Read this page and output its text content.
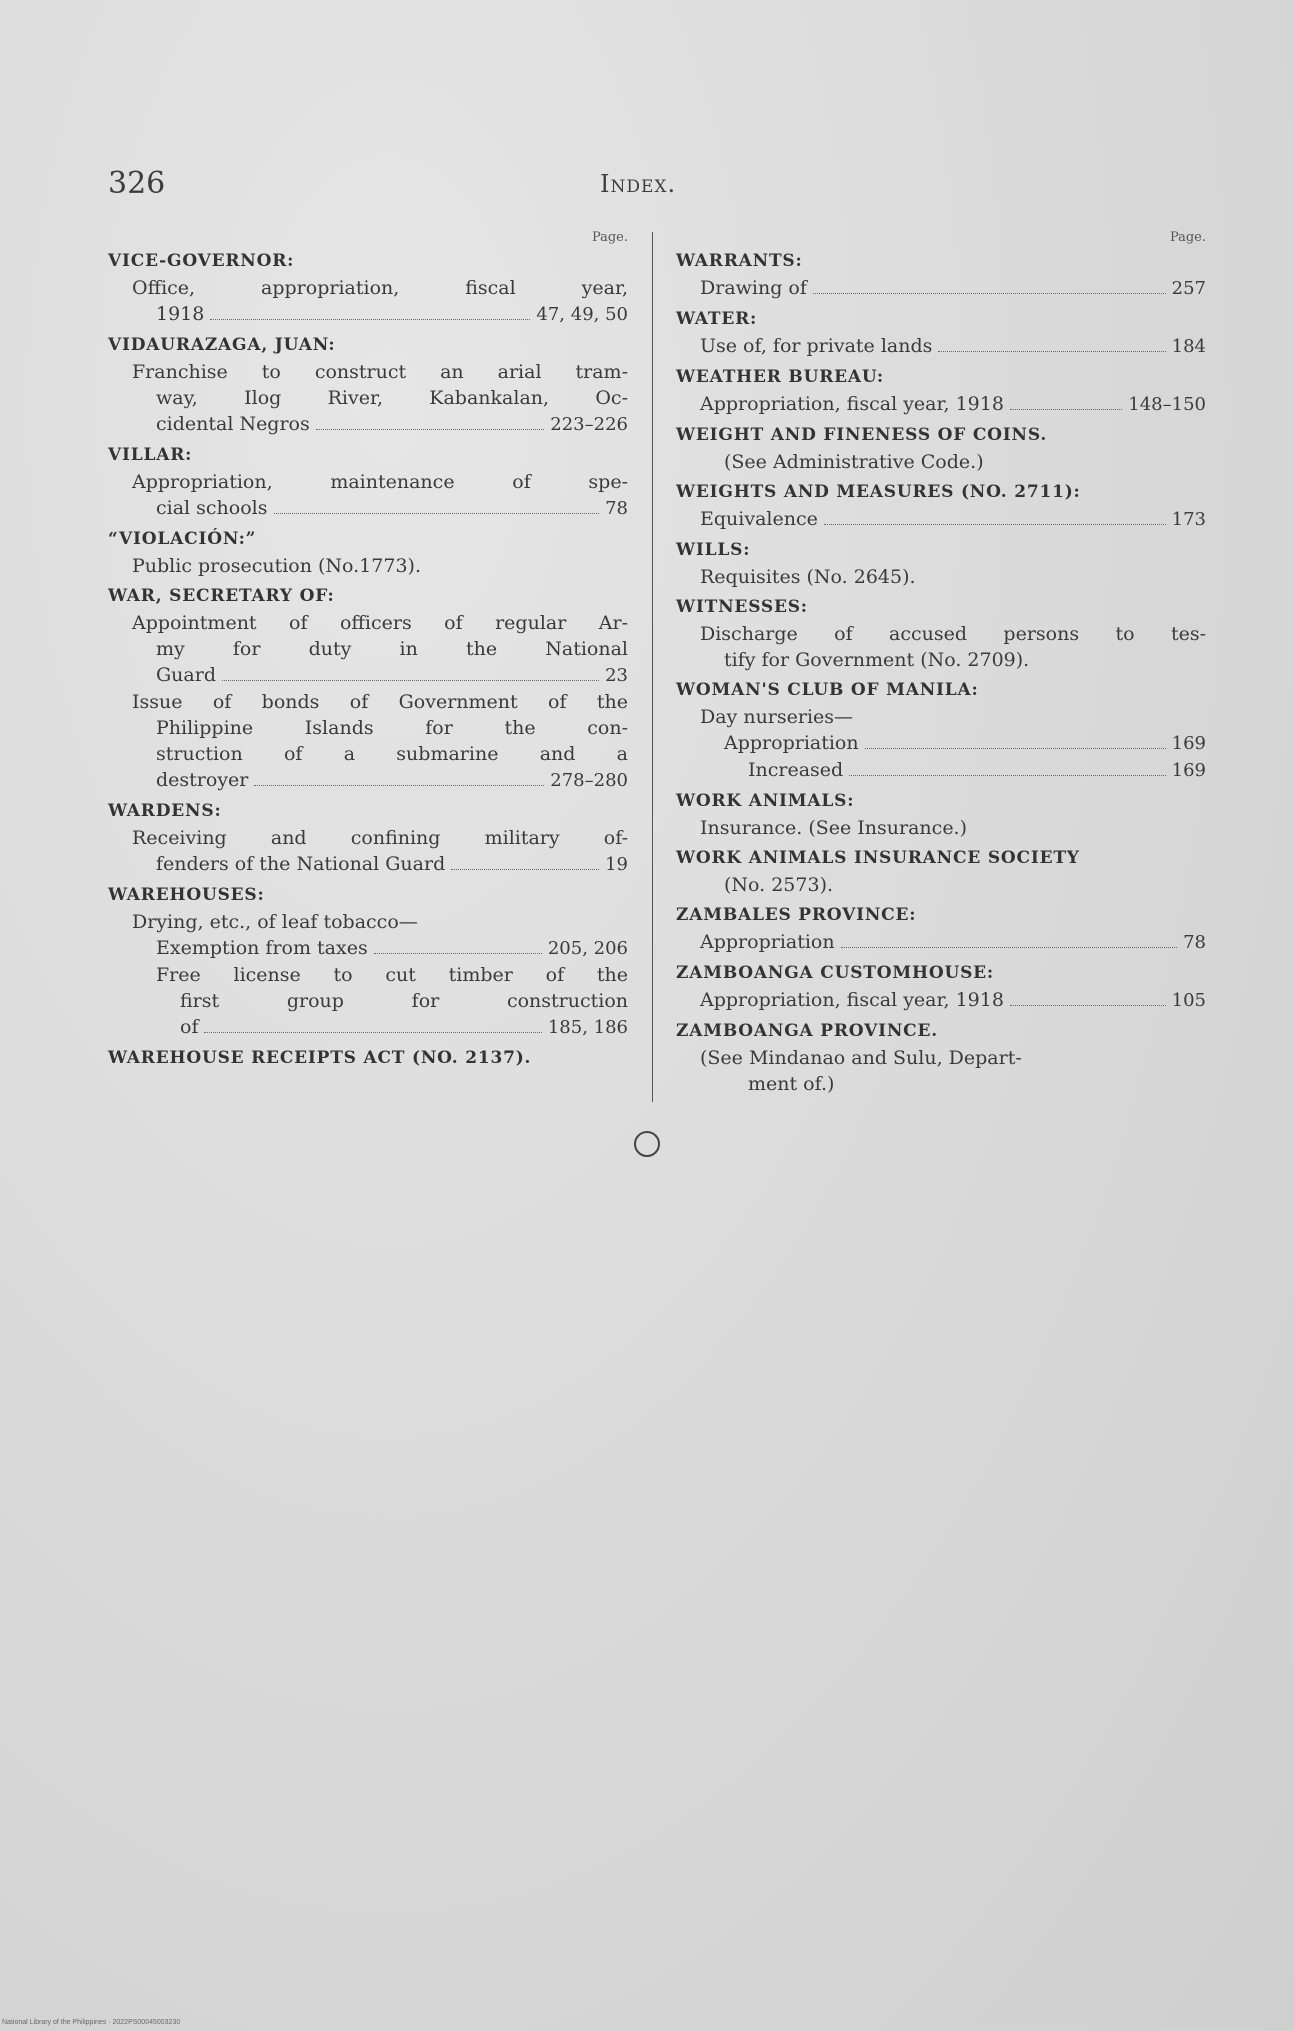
326	Index.
Page.
VICE-GOVERNOR:
Office, appropriation, fiscal year,
1918	47, 49, 50
VIDAURAZAGA, JUAN:
Franchise to construct an arial tram-
way, Ilog River, Kabankalan, Oc-
cidental Negros	223–226
VILLAR:
Appropriation, maintenance of spe-
cial schools	78
“VIOLACIÓN:”
Public prosecution (No.1773).
WAR, SECRETARY OF:
Appointment of officers of regular Ar-
my for duty in the National
Guard	23
Issue of bonds of Government of the
Philippine Islands for the con-
struction of a submarine and a
destroyer	278–280
WARDENS:
Receiving and confining military of-
fenders of the National Guard	19
WAREHOUSES:
Drying, etc., of leaf tobacco—
Exemption from taxes	205, 206
Free license to cut timber of the
first group for construction
of	185, 186
WAREHOUSE RECEIPTS ACT (NO. 2137).
Page.
WARRANTS:
Drawing of	257
WATER:
Use of, for private lands	184
WEATHER BUREAU:
Appropriation, fiscal year, 1918	148–150
WEIGHT AND FINENESS OF COINS.
(See Administrative Code.)
WEIGHTS AND MEASURES (NO. 2711):
Equivalence	173
WILLS:
Requisites (No. 2645).
WITNESSES:
Discharge of accused persons to tes-
tify for Government (No. 2709).
WOMAN'S CLUB OF MANILA:
Day nurseries—
Appropriation	169
Increased	169
WORK ANIMALS:
Insurance. (See Insurance.)
WORK ANIMALS INSURANCE SOCIETY
(No. 2573).
ZAMBALES PROVINCE:
Appropriation	78
ZAMBOANGA CUSTOMHOUSE:
Appropriation, fiscal year, 1918	105
ZAMBOANGA PROVINCE.
(See Mindanao and Sulu, Depart-
ment of.)
National Library of the Philippines · 2022PS00045003230
